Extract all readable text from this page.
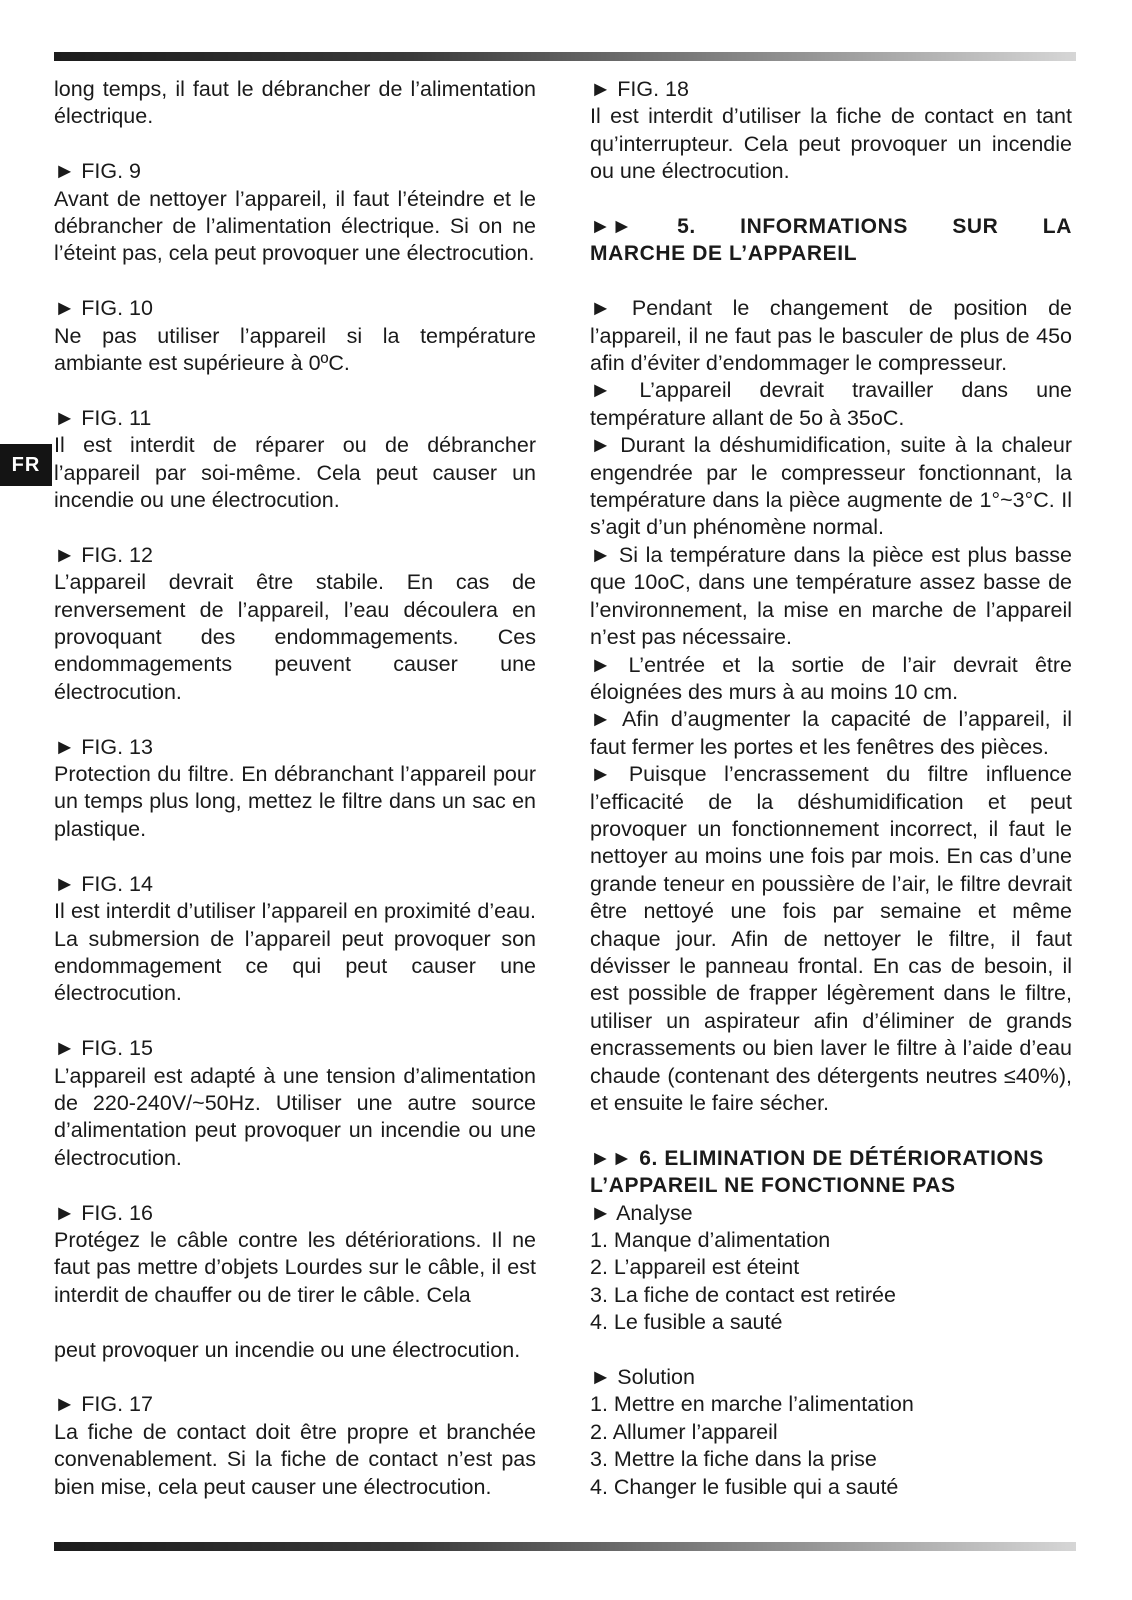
FR

long temps, il faut le débrancher de l’alimentation électrique.

► FIG. 9

Avant de nettoyer l’appareil, il faut l’éteindre et le débrancher de l’alimentation électrique. Si on ne l’éteint pas, cela peut provoquer une électrocution.

► FIG. 10

Ne pas utiliser l’appareil si la température ambiante est supérieure à 0ºC.

► FIG. 11

Il est interdit de réparer ou de débrancher l’appareil par soi-même. Cela peut causer un incendie ou une électrocution.

► FIG. 12

L’appareil devrait être stabile. En cas de renversement de l’appareil, l’eau découlera en provoquant des endommagements. Ces endommagements peuvent causer une électrocution.

► FIG. 13

Protection du filtre. En débranchant l’appareil pour un temps plus long, mettez le filtre dans un sac en plastique.

► FIG. 14

Il est interdit d’utiliser l’appareil en proximité d’eau. La submersion de l’appareil peut provoquer son endommagement ce qui peut causer une électrocution.

► FIG. 15

L’appareil est adapté à une tension d’alimentation de 220-240V/~50Hz. Utiliser une autre source d’alimentation peut provoquer un incendie ou une électrocution.

► FIG. 16

Protégez le câble contre les détériorations. Il ne faut pas mettre d’objets Lourdes sur le câble, il est interdit de chauffer ou de tirer le câble. Cela

peut provoquer un incendie ou une électrocution.

► FIG. 17

La fiche de contact doit être propre et branchée convenablement. Si la fiche de contact n’est pas bien mise, cela peut causer une électrocution.

► FIG. 18

Il est interdit d’utiliser la fiche de contact en tant qu’interrupteur. Cela peut provoquer un incendie ou une électrocution.

►► 5. INFORMATIONS SUR LA

MARCHE DE L’APPAREIL

► Pendant le changement de position de l’appareil, il ne faut pas le basculer de plus de 45o afin d’éviter d’endommager le compresseur.

► L’appareil devrait travailler dans une température allant de 5o à 35oC.

► Durant la déshumidification, suite à la chaleur engendrée par le compresseur fonctionnant, la température dans la pièce augmente de 1°~3°C. Il s’agit d’un phénomène normal.

► Si la température dans la pièce est plus basse que 10oC, dans une température assez basse de l’environnement, la mise en marche de l’appareil n’est pas nécessaire.

► L’entrée et la sortie de l’air devrait être éloignées des murs à au moins 10 cm.

► Afin d’augmenter la capacité de l’appareil, il faut fermer les portes et les fenêtres des pièces.

► Puisque l’encrassement du filtre influence l’efficacité de la déshumidification et peut provoquer un fonctionnement incorrect, il faut le nettoyer au moins une fois par mois. En cas d’une grande teneur en poussière de l’air, le filtre devrait être nettoyé une fois par semaine et même chaque jour. Afin de nettoyer le filtre, il faut dévisser le panneau frontal. En cas de besoin, il est possible de frapper légèrement dans le filtre, utiliser un aspirateur afin d’éliminer de grands encrassements ou bien laver le filtre à l’aide d’eau chaude (contenant des détergents neutres ≤40%), et ensuite le faire sécher.

►► 6. ELIMINATION DE DÉTÉRIORATIONS

L’APPAREIL NE FONCTIONNE PAS

► Analyse

1. Manque d’alimentation

2. L’appareil est éteint

3. La fiche de contact est retirée

4. Le fusible a sauté

► Solution

1. Mettre en marche l’alimentation

2. Allumer l’appareil

3. Mettre la fiche dans la prise

4. Changer le fusible qui a sauté
